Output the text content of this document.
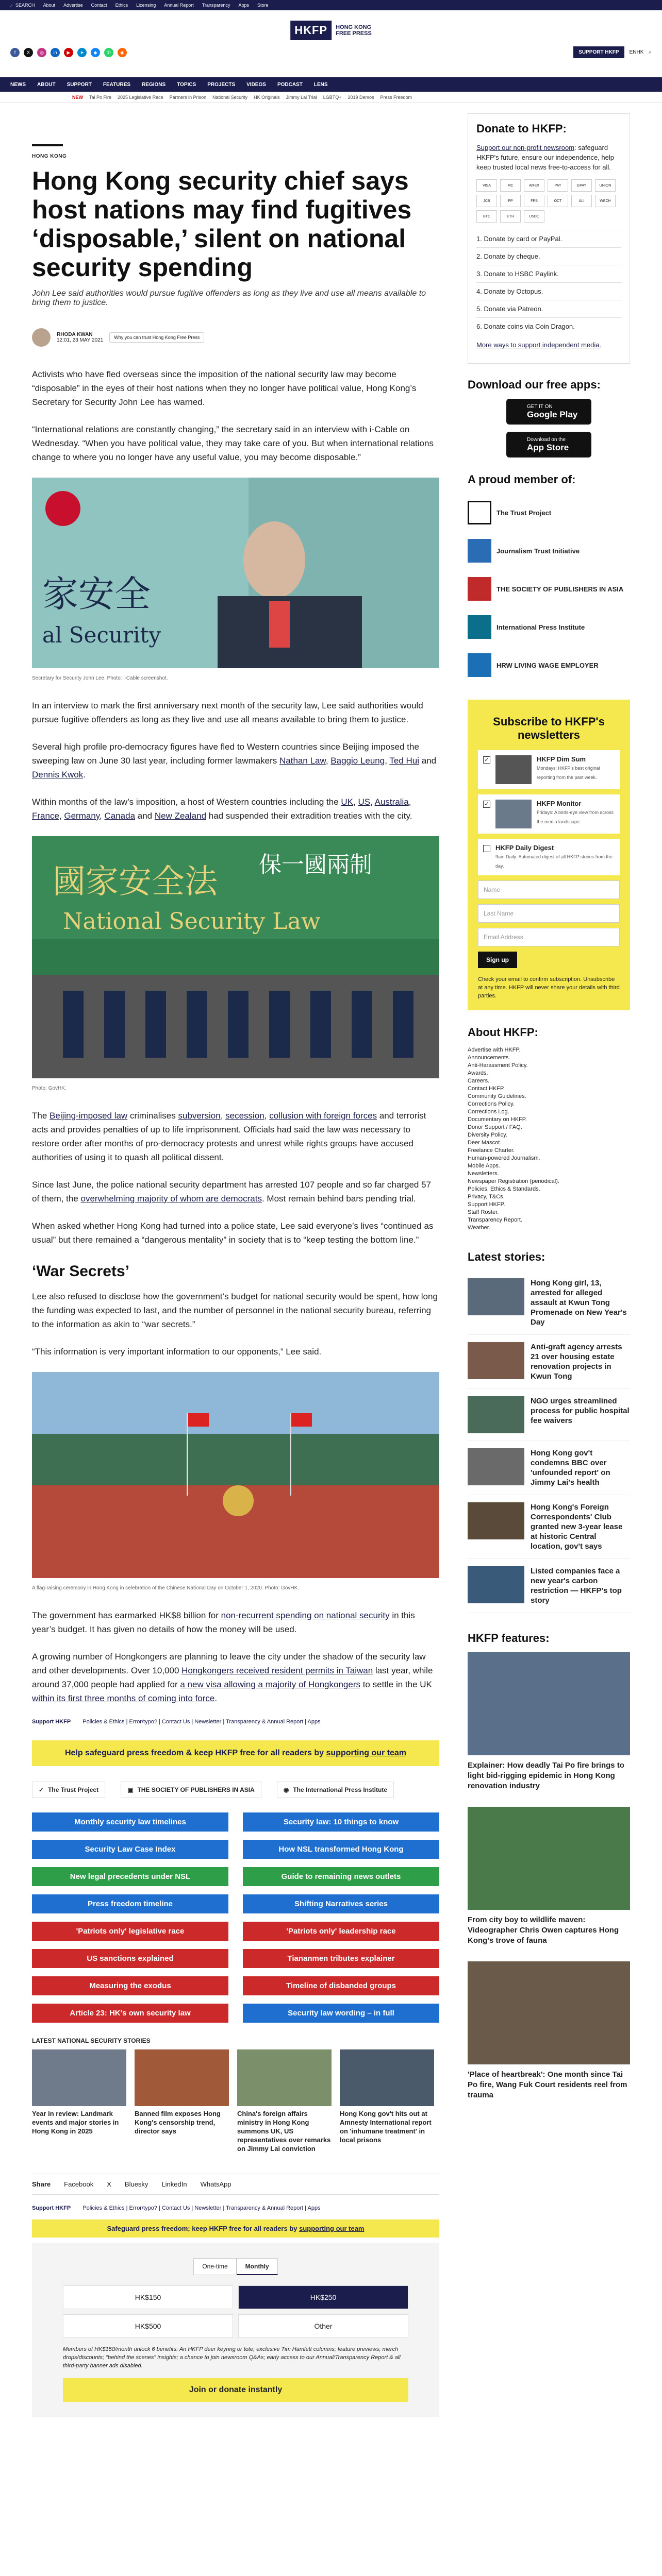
⌕ SEARCH About Advertise Contact Ethics Licensing Annual Report Transparency Apps Store
HKFP	HONG KONG
FREE PRESS
f	X	◎	in	▶	➤	◆	✆	◉	SUPPORT HKFP	ENHK ⌕
NEWS ABOUT SUPPORT FEATURES REGIONS TOPICS PROJECTS VIDEOS PODCAST LENS
NEW Tai Po Fire 2025 Legislative Race Partners in Prison National Security HK Originals Jimmy Lai Trial LGBTQ+ 2019 Demos Press Freedom
HONG KONG
Hong Kong security chief says host nations may find fugitives ‘disposable,’ silent on national security spending
John Lee said authorities would pursue fugitive offenders as long as they live and use all means available to bring them to justice.
RHODA KWAN
12:01, 23 MAY 2021	Why you can trust Hong Kong Free Press

Activists who have fled overseas since the imposition of the national security law may become “disposable” in the eyes of their host nations when they no longer have political value, Hong Kong’s Secretary for Security John Lee has warned.

“International relations are constantly changing,” the secretary said in an interview with i-Cable on Wednesday. “When you have political value, they may take care of you. But when international relations change to where you no longer have any useful value, you may become disposable.”

家安全
al Security
Secretary for Security John Lee. Photo: i-Cable screenshot.

In an interview to mark the first anniversary next month of the security law, Lee said authorities would pursue fugitive offenders as long as they live and use all means available to bring them to justice.

Several high profile pro-democracy figures have fled to Western countries since Beijing imposed the sweeping law on June 30 last year, including former lawmakers Nathan Law, Baggio Leung, Ted Hui and Dennis Kwok.

Within months of the law’s imposition, a host of Western countries including the UK, US, Australia, France, Germany, Canada and New Zealand had suspended their extradition treaties with the city.

國家安全法
National Security Law
保一國兩制
Photo: GovHK.

The Beijing-imposed law criminalises subversion, secession, collusion with foreign forces and terrorist acts and provides penalties of up to life imprisonment. Officials had said the law was necessary to restore order after months of pro-democracy protests and unrest while rights groups have accused authorities of using it to quash all political dissent.

Since last June, the police national security department has arrested 107 people and so far charged 57 of them, the overwhelming majority of whom are democrats. Most remain behind bars pending trial.

When asked whether Hong Kong had turned into a police state, Lee said everyone’s lives “continued as usual” but there remained a “dangerous mentality” in society that is to “keep testing the bottom line.”

‘War Secrets’

Lee also refused to disclose how the government’s budget for national security would be spent, how long the funding was expected to last, and the number of personnel in the national security bureau, referring to the information as akin to “war secrets.”

“This information is very important information to our opponents,” Lee said.

A flag-raising ceremony in Hong Kong in celebration of the Chinese National Day on October 1, 2020. Photo: GovHK.

The government has earmarked HK$8 billion for non-recurrent spending on national security in this year’s budget. It has given no details of how the money will be used.

A growing number of Hongkongers are planning to leave the city under the shadow of the security law and other developments. Over 10,000 Hongkongers received resident permits in Taiwan last year, while around 37,000 people had applied for a new visa allowing a majority of Hongkongers to settle in the UK within its first three months of coming into force.

Support HKFP Policies & Ethics | Error/typo? | Contact Us | Newsletter | Transparency & Annual Report | Apps
Help safeguard press freedom & keep HKFP free for all readers by supporting our team
✓ The Trust Project	▣ THE SOCIETY OF PUBLISHERS IN ASIA	◉ The International Press Institute
Monthly security law timelines	Security law: 10 things to know
Security Law Case Index	How NSL transformed Hong Kong
New legal precedents under NSL	Guide to remaining news outlets
Press freedom timeline	Shifting Narratives series
'Patriots only' legislative race	'Patriots only' leadership race
US sanctions explained	Tiananmen tributes explainer
Measuring the exodus	Timeline of disbanded groups
Article 23: HK's own security law	Security law wording – in full
LATEST NATIONAL SECURITY STORIES

Year in review: Landmark events and major stories in Hong Kong in 2025

Banned film exposes Hong Kong's censorship trend, director says

China's foreign affairs ministry in Hong Kong summons UK, US representatives over remarks on Jimmy Lai conviction

Hong Kong gov't hits out at Amnesty International report on 'inhumane treatment' in local prisons

Share Facebook X Bluesky LinkedIn WhatsApp
Support HKFP Policies & Ethics | Error/typo? | Contact Us | Newsletter | Transparency & Annual Report | Apps
Safeguard press freedom; keep HKFP free for all readers by supporting our team
One-time	Monthly
HK$150	HK$250
HK$500	Other

Members of HK$150/month unlock 6 benefits: An HKFP deer keyring or tote; exclusive Tim Hamlett columns; feature previews; merch drops/discounts; "behind the scenes" insights; a chance to join newsroom Q&As; early access to our Annual/Transparency Report & all third-party banner ads disabled.

Join or donate instantly
Donate to HKFP:

Support our non-profit newsroom: safeguard HKFP's future, ensure our independence, help keep trusted local news free-to-access for all.

VISA	MC	AMEX	PAY	GPAY	UNION
JCB	PP	FPS	OCT	ALI	WECH
BTC	ETH	USDC
1. Donate by card or PayPal.
2. Donate by cheque.
3. Donate to HSBC Paylink.
4. Donate by Octopus.
5. Donate via Patreon.
6. Donate coins via Coin Dragon.

More ways to support independent media.

Download our free apps:
GET IT ON
Google Play
Download on the
App Store
A proud member of:
The Trust Project
Journalism Trust Initiative
THE SOCIETY OF PUBLISHERS IN ASIA
International Press Institute
HRW LIVING WAGE EMPLOYER
Subscribe to HKFP's newsletters
✓	HKFP Dim Sum
Mondays: HKFP's best original reporting from the past week.
✓	HKFP Monitor
Fridays: A birds-eye view from across the media landscape.
HKFP Daily Digest
9am Daily: Automated digest of all HKFP stories from the day.
Name
Last Name
Email Address
Sign up

Check your email to confirm subscription. Unsubscribe at any time. HKFP will never share your details with third parties.

About HKFP:
Advertise with HKFP.
Announcements.
Anti-Harassment Policy.
Awards.
Careers.
Contact HKFP.
Community Guidelines.
Corrections Policy.
Corrections Log.
Documentary on HKFP.
Donor Support / FAQ.
Diversity Policy.
Deer Mascot.
Freelance Charter.
Human-powered Journalism.
Mobile Apps.
Newsletters.
Newspaper Registration (periodical).
Policies, Ethics & Standards.
Privacy, T&Cs.
Support HKFP.
Staff Roster.
Transparency Report.
Weather.
Latest stories:

Hong Kong girl, 13, arrested for alleged assault at Kwun Tong Promenade on New Year's Day

Anti-graft agency arrests 21 over housing estate renovation projects in Kwun Tong

NGO urges streamlined process for public hospital fee waivers

Hong Kong gov't condemns BBC over 'unfounded report' on Jimmy Lai's health

Hong Kong's Foreign Correspondents' Club granted new 3-year lease at historic Central location, gov't says

Listed companies face a new year's carbon restriction — HKFP's top story

HKFP features:

Explainer: How deadly Tai Po fire brings to light bid-rigging epidemic in Hong Kong renovation industry

From city boy to wildlife maven: Videographer Chris Owen captures Hong Kong's trove of fauna

'Place of heartbreak': One month since Tai Po fire, Wang Fuk Court residents reel from trauma
